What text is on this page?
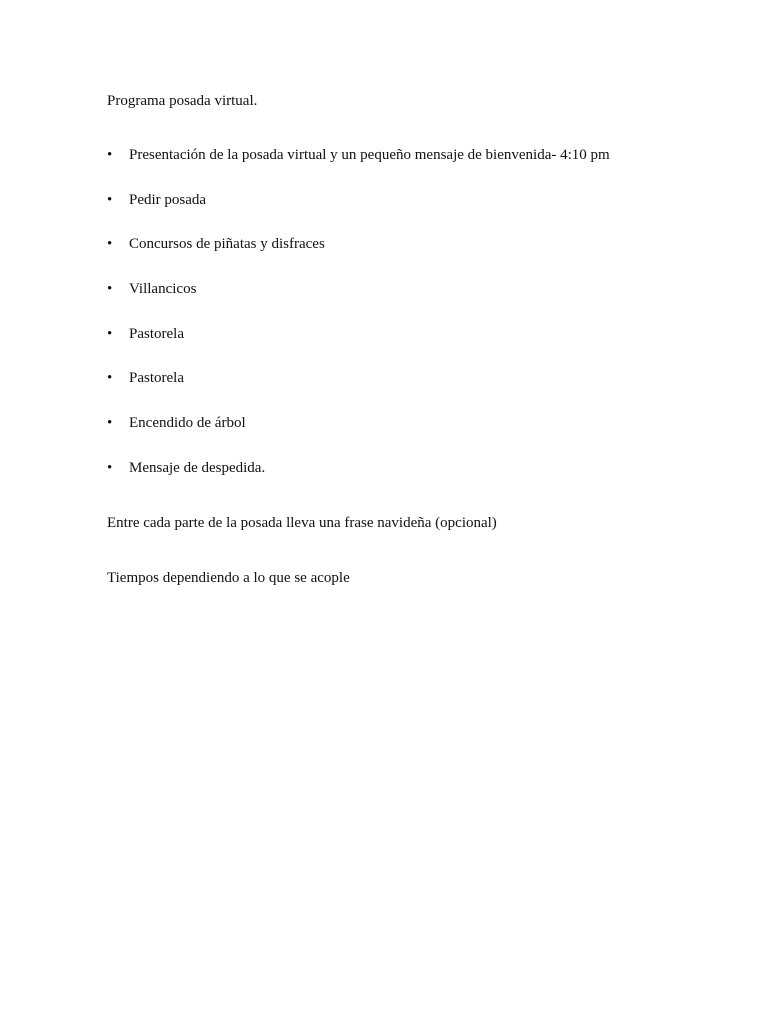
Programa posada virtual.

•	Presentación de la posada virtual y un pequeño mensaje de bienvenida- 4:10 pm
•	Pedir posada
•	Concursos de piñatas y disfraces
•	Villancicos
•	Pastorela
•	Pastorela
•	Encendido de árbol
•	Mensaje de despedida.

Entre cada parte de la posada lleva una frase navideña (opcional)

Tiempos dependiendo a lo que se acople
